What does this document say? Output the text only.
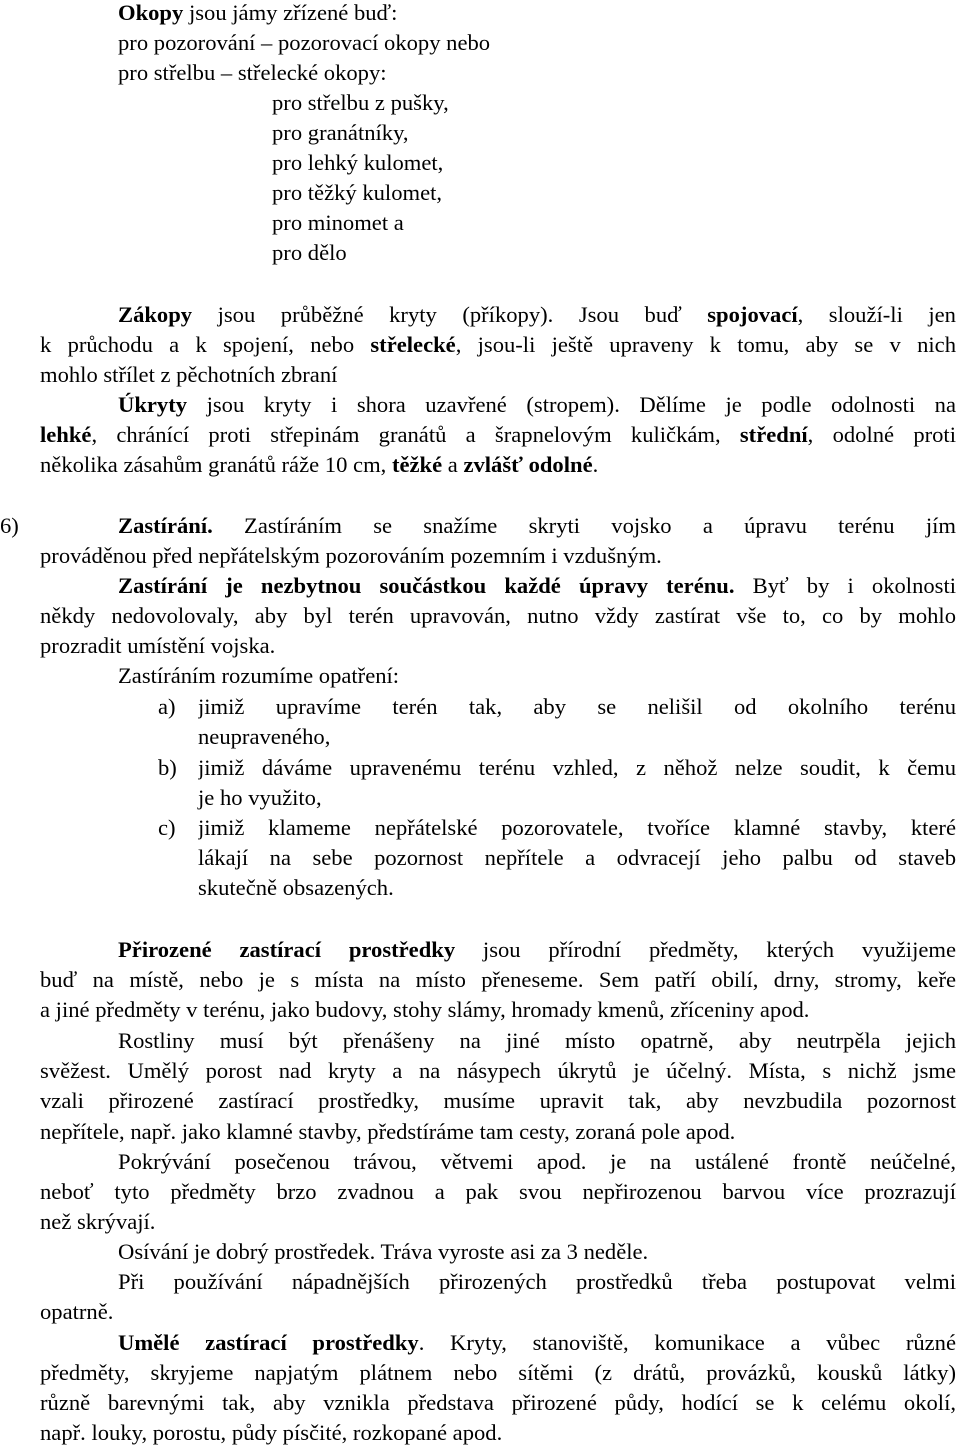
Okopy jsou jámy zřízené buď:
pro pozorování – pozorovací okopy nebo
pro střelbu – střelecké okopy:
pro střelbu z pušky,
pro granátníky,
pro lehký kulomet,
pro těžký kulomet,
pro minomet a
pro dělo
Zákopy jsou průběžné kryty (příkopy). Jsou buď spojovací, slouží-li jen
k průchodu a k spojení, nebo střelecké, jsou-li ještě upraveny k tomu, aby se v nich
mohlo střílet z pěchotních zbraní
Úkryty jsou kryty i shora uzavřené (stropem). Dělíme je podle odolnosti na
lehké, chránící proti střepinám granátů a šrapnelovým kuličkám, střední, odolné proti
několika zásahům granátů ráže 10 cm, těžké a zvlášť odolné.
6)	Zastírání. Zastíráním se snažíme skryti vojsko a úpravu terénu jím
prováděnou před nepřátelským pozorováním pozemním i vzdušným.
Zastírání je nezbytnou součástkou každé úpravy terénu. Byť by i okolnosti
někdy nedovolovaly, aby byl terén upravován, nutno vždy zastírat vše to, co by mohlo
prozradit umístění vojska.
Zastíráním rozumíme opatření:
a) jimiž upravíme terén tak, aby se nelišil od okolního terénu
neupraveného,
b) jimiž dáváme upravenému terénu vzhled, z něhož nelze soudit, k čemu
je ho využito,
c) jimiž klameme nepřátelské pozorovatele, tvoříce klamné stavby, které
lákají na sebe pozornost nepřítele a odvracejí jeho palbu od staveb
skutečně obsazených.
Přirozené zastírací prostředky jsou přírodní předměty, kterých využijeme
buď na místě, nebo je s místa na místo přeneseme. Sem patří obilí, drny, stromy, keře
a jiné předměty v terénu, jako budovy, stohy slámy, hromady kmenů, zříceniny apod.
Rostliny musí být přenášeny na jiné místo opatrně, aby neutrpěla jejich
svěžest. Umělý porost nad kryty a na násypech úkrytů je účelný. Místa, s nichž jsme
vzali přirozené zastírací prostředky, musíme upravit tak, aby nevzbudila pozornost
nepřítele, např. jako klamné stavby, předstíráme tam cesty, zoraná pole apod.
Pokrývání posečenou trávou, větvemi apod. je na ustálené frontě neúčelné,
neboť tyto předměty brzo zvadnou a pak svou nepřirozenou barvou více prozrazují
než skrývají.
Osívání je dobrý prostředek. Tráva vyroste asi za 3 neděle.
Při používání nápadnějších přirozených prostředků třeba postupovat velmi
opatrně.
Umělé zastírací prostředky. Kryty, stanoviště, komunikace a vůbec různé
předměty, skryjeme napjatým plátnem nebo sítěmi (z drátů, provázků, kousků látky)
různě barevnými tak, aby vznikla představa přirozené půdy, hodící se k celému okolí,
např. louky, porostu, půdy písčité, rozkopané apod.
